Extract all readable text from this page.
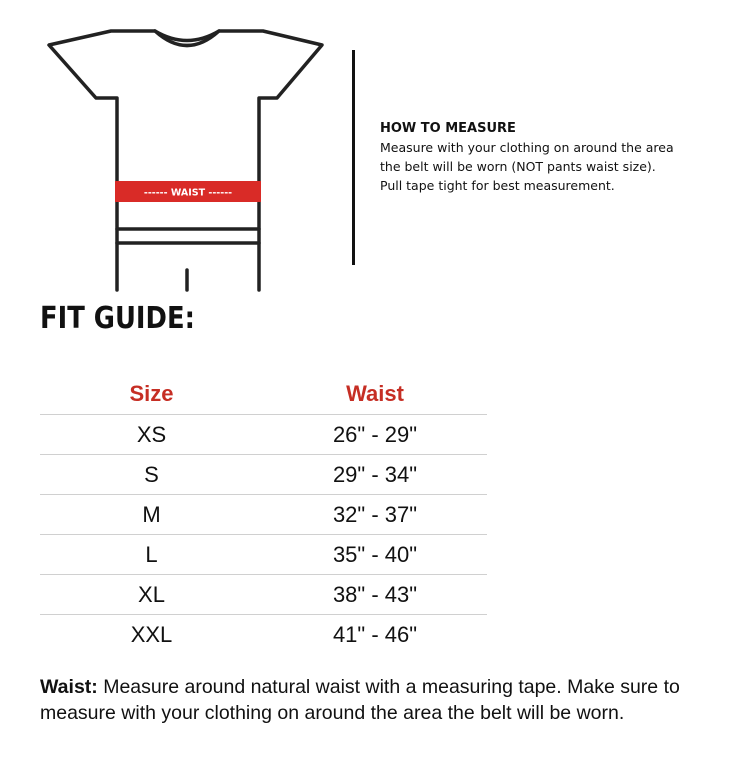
------ WAIST ------
HOW TO MEASURE
Measure with your clothing on around the area
the belt will be worn (NOT pants waist size).
Pull tape tight for best measurement.
FIT GUIDE:
Size	Waist
XS	26" - 29"
S	29" - 34"
M	32" - 37"
L	35" - 40"
XL	38" - 43"
XXL	41" - 46"

Waist: Measure around natural waist with a measuring tape. Make sure to measure with your clothing on around the area the belt will be worn.
